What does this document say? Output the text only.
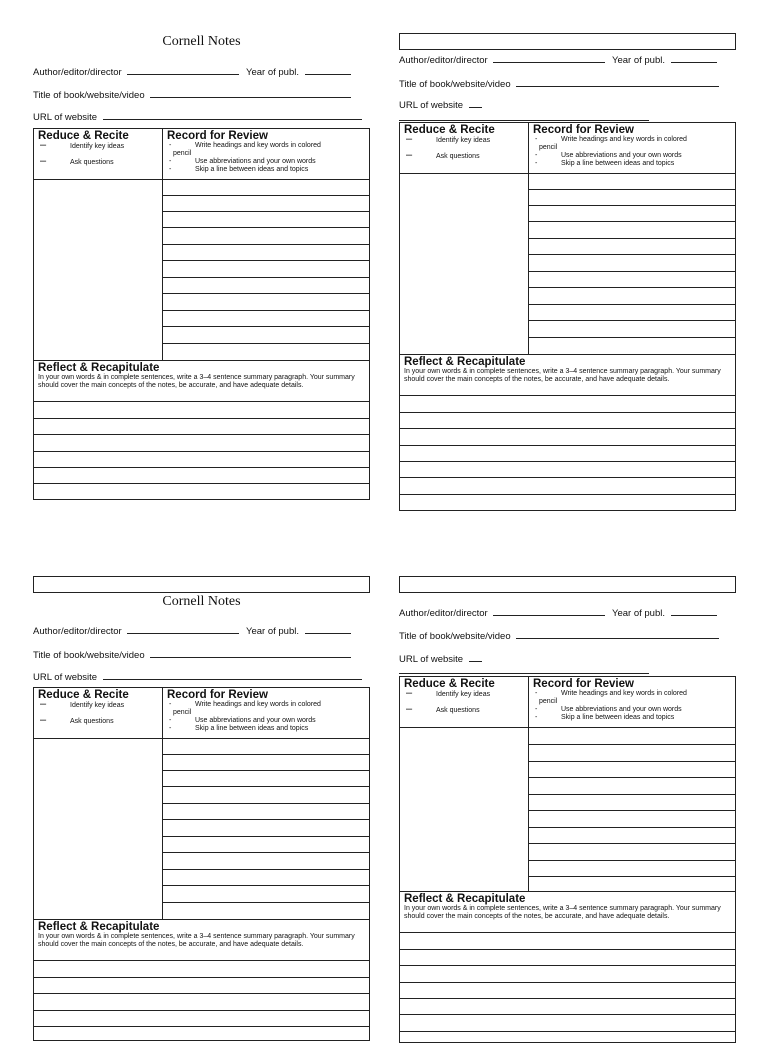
Cornell Notes
Author/editor/director	Year of publ.
Title of book/website/video
URL of website
Reduce & Recite
–	Identify key ideas
–	Ask questions
Record for Review
-	Write headings and key words in colored
pencil
-	Use abbreviations and your own words
-	Skip a line between ideas and topics
Reflect & Recapitulate
In your own words & in complete sentences, write a 3–4 sentence summary paragraph. Your summary should cover the main concepts of the notes, be accurate, and have adequate details.
Author/editor/director	Year of publ.
Title of book/website/video
URL of website
Reduce & Recite
–	Identify key ideas
–	Ask questions
Record for Review
-	Write headings and key words in colored
pencil
-	Use abbreviations and your own words
-	Skip a line between ideas and topics
Reflect & Recapitulate
In your own words & in complete sentences, write a 3–4 sentence summary paragraph. Your summary should cover the main concepts of the notes, be accurate, and have adequate details.
Cornell Notes
Author/editor/director	Year of publ.
Title of book/website/video
URL of website
Reduce & Recite
–	Identify key ideas
–	Ask questions
Record for Review
-	Write headings and key words in colored
pencil
-	Use abbreviations and your own words
-	Skip a line between ideas and topics
Reflect & Recapitulate
In your own words & in complete sentences, write a 3–4 sentence summary paragraph. Your summary should cover the main concepts of the notes, be accurate, and have adequate details.
Author/editor/director	Year of publ.
Title of book/website/video
URL of website
Reduce & Recite
–	Identify key ideas
–	Ask questions
Record for Review
-	Write headings and key words in colored
pencil
-	Use abbreviations and your own words
-	Skip a line between ideas and topics
Reflect & Recapitulate
In your own words & in complete sentences, write a 3–4 sentence summary paragraph. Your summary should cover the main concepts of the notes, be accurate, and have adequate details.
